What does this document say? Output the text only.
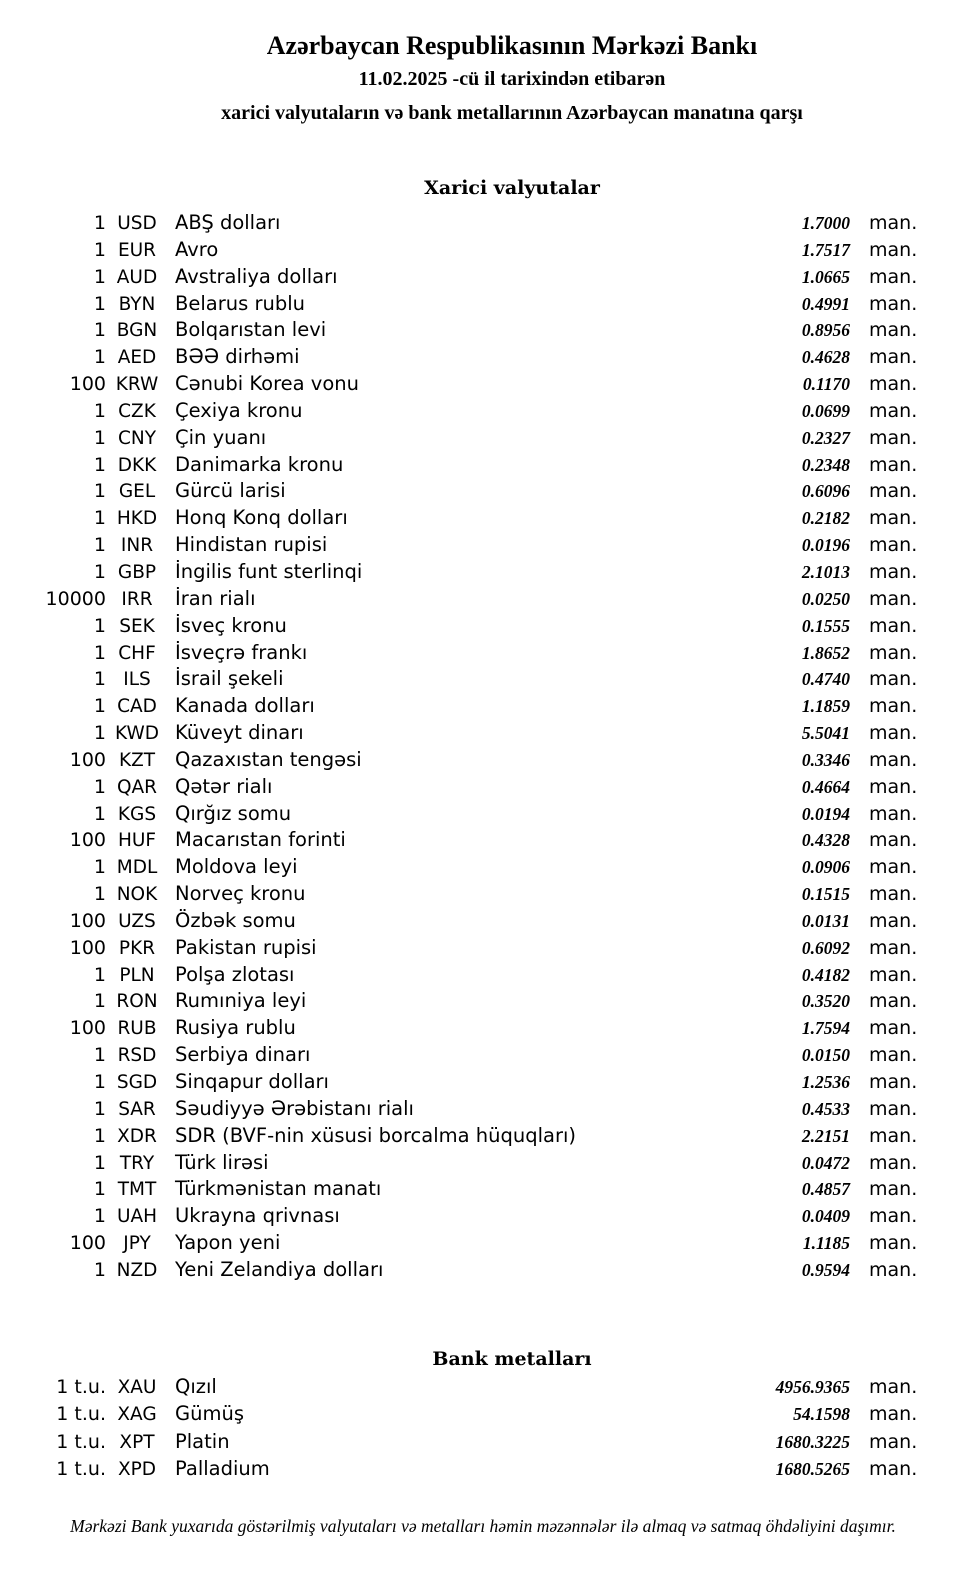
Azərbaycan Respublikasının Mərkəzi Bankı
11.02.2025 -cü il tarixindən etibarən
xarici valyutaların və bank metallarının Azərbaycan manatına qarşı
Xarici valyutalar
1 USD ABŞ dolları	1.7000	man.
1 EUR Avro	1.7517	man.
1 AUD Avstraliya dolları	1.0665	man.
1 BYN	Belarus rublu	0.4991	man.
1 BGN Bolqarıstan levi	0.8956	man.
1 AED BƏƏ dirhəmi	0.4628	man.
100 KRW Cənubi Korea vonu	0.1170	man.
1 CZK Çexiya kronu	0.0699	man.
1 CNY Çin yuanı	0.2327	man.
1 DKK Danimarka kronu	0.2348	man.
1 GEL	Gürcü larisi	0.6096	man.
1 HKD Honq Konq dolları	0.2182	man.
1 INR	Hindistan rupisi	0.0196	man.
1 GBP İngilis funt sterlinqi	2.1013	man.
10000 IRR	İran rialı	0.0250	man.
1 SEK	İsveç kronu	0.1555	man.
1 CHF İsveçrə frankı	1.8652	man.
1 ILS	İsrail şekeli	0.4740	man.
1 CAD Kanada dolları	1.1859	man.
1 KWD Küveyt dinarı	5.5041	man.
100 KZT	Qazaxıstan tengəsi	0.3346	man.
1 QAR Qətər rialı	0.4664	man.
1 KGS Qırğız somu	0.0194	man.
100 HUF Macarıstan forinti	0.4328	man.
1 MDL Moldova leyi	0.0906	man.
1 NOK Norveç kronu	0.1515	man.
100 UZS Özbək somu	0.0131	man.
100 PKR	Pakistan rupisi	0.6092	man.
1 PLN	Polşa zlotası	0.4182	man.
1 RON Rumıniya leyi	0.3520	man.
100 RUB Rusiya rublu	1.7594	man.
1 RSD Serbiya dinarı	0.0150	man.
1 SGD Sinqapur dolları	1.2536	man.
1 SAR Səudiyyə Ərəbistanı rialı	0.4533	man.
1 XDR SDR (BVF-nin xüsusi borcalma hüquqları)	2.2151	man.
1 TRY	Türk lirəsi	0.0472	man.
1 TMT Türkmənistan manatı	0.4857	man.
1 UAH Ukrayna qrivnası	0.0409	man.
100 JPY	Yapon yeni	1.1185	man.
1 NZD Yeni Zelandiya dolları	0.9594	man.
Bank metalları
1 t.u. XAU Qızıl	4956.9365	man.
1 t.u. XAG Gümüş	54.1598	man.
1 t.u. XPT	Platin	1680.3225	man.
1 t.u. XPD Palladium	1680.5265	man.
Mərkəzi Bank yuxarıda göstərilmiş valyutaları və metalları həmin məzənnələr ilə almaq və satmaq öhdəliyini daşımır.
